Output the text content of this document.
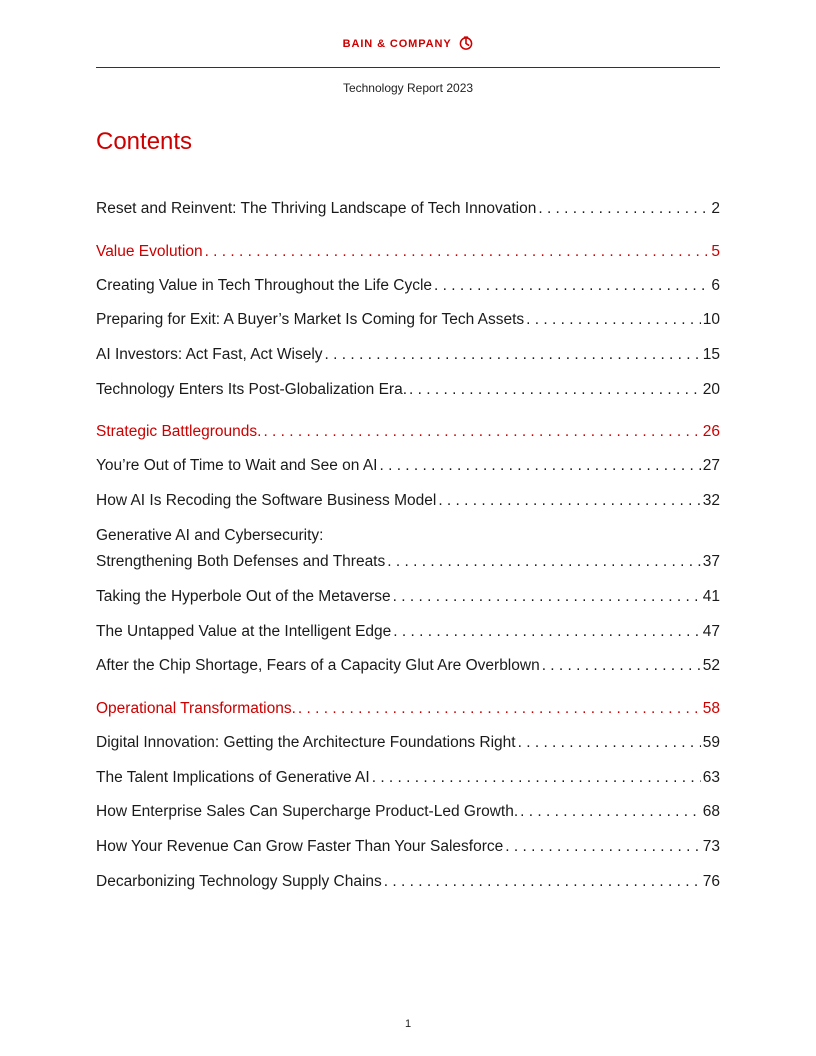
BAIN & COMPANY
Technology Report 2023
Contents
Reset and Reinvent: The Thriving Landscape of Tech Innovation . . .	2
Value Evolution . . .	5
Creating Value in Tech Throughout the Life Cycle . . .	6
Preparing for Exit: A Buyer’s Market Is Coming for Tech Assets . . .	10
AI Investors: Act Fast, Act Wisely . . .	15
Technology Enters Its Post-Globalization Era. . . .	20
Strategic Battlegrounds. . . .	26
You’re Out of Time to Wait and See on AI . . .	27
How AI Is Recoding the Software Business Model . . .	32
Generative AI and Cybersecurity:
Strengthening Both Defenses and Threats . . .	37
Taking the Hyperbole Out of the Metaverse . . .	41
The Untapped Value at the Intelligent Edge . . .	47
After the Chip Shortage, Fears of a Capacity Glut Are Overblown . . .	52
Operational Transformations. . . .	58
Digital Innovation: Getting the Architecture Foundations Right . . .	59
The Talent Implications of Generative AI . . .	63
How Enterprise Sales Can Supercharge Product-Led Growth. . . .	68
How Your Revenue Can Grow Faster Than Your Salesforce . . .	73
Decarbonizing Technology Supply Chains . . .	76
1
